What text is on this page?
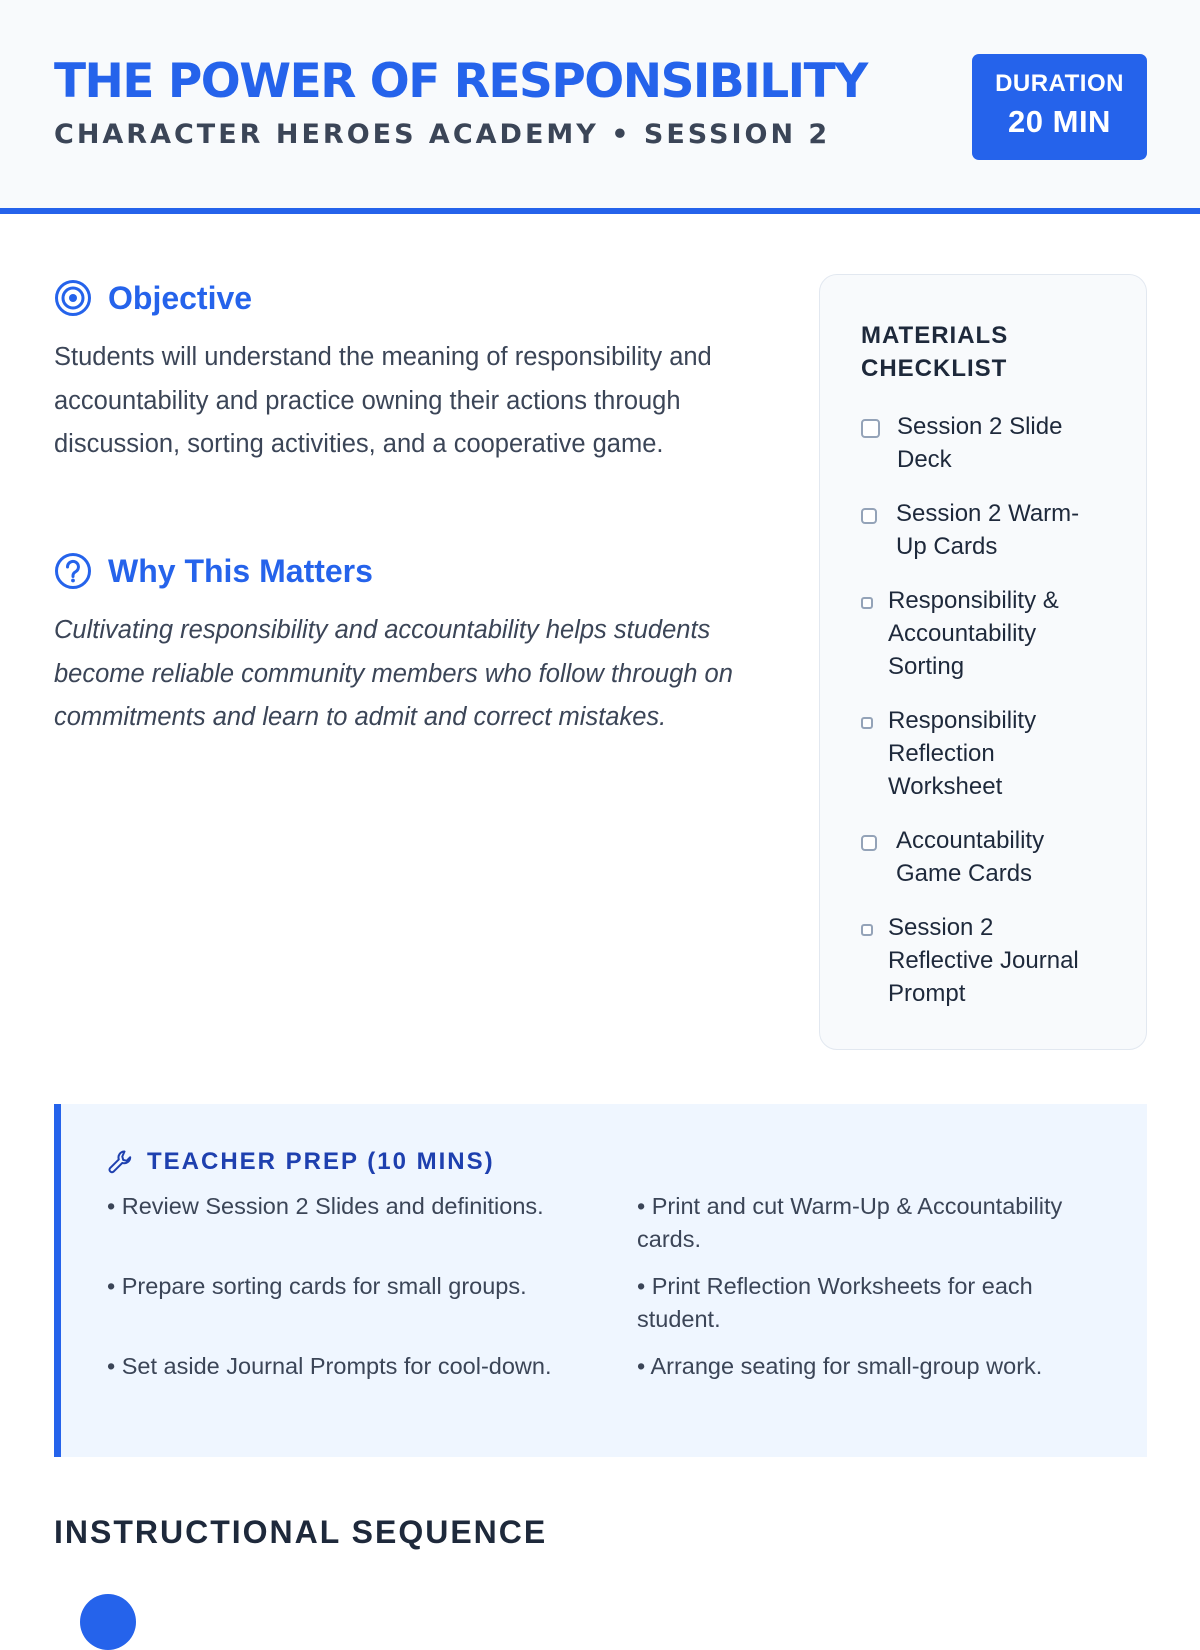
THE POWER OF RESPONSIBILITY
CHARACTER HEROES ACADEMY • SESSION 2
DURATION
20 MIN
Objective
Students will understand the meaning of responsibility and accountability and practice owning their actions through discussion, sorting activities, and a cooperative game.
Why This Matters
Cultivating responsibility and accountability helps students become reliable community members who follow through on commitments and learn to admit and correct mistakes.
MATERIALS CHECKLIST
Session 2 Slide Deck
Session 2 Warm-Up Cards
Responsibility & Accountability Sorting
Responsibility Reflection Worksheet
Accountability Game Cards
Session 2 Reflective Journal Prompt
TEACHER PREP (10 MINS)
• Review Session 2 Slides and definitions.	• Print and cut Warm-Up & Accountability cards.
• Prepare sorting cards for small groups.	• Print Reflection Worksheets for each student.
• Set aside Journal Prompts for cool-down.	• Arrange seating for small-group work.
INSTRUCTIONAL SEQUENCE
